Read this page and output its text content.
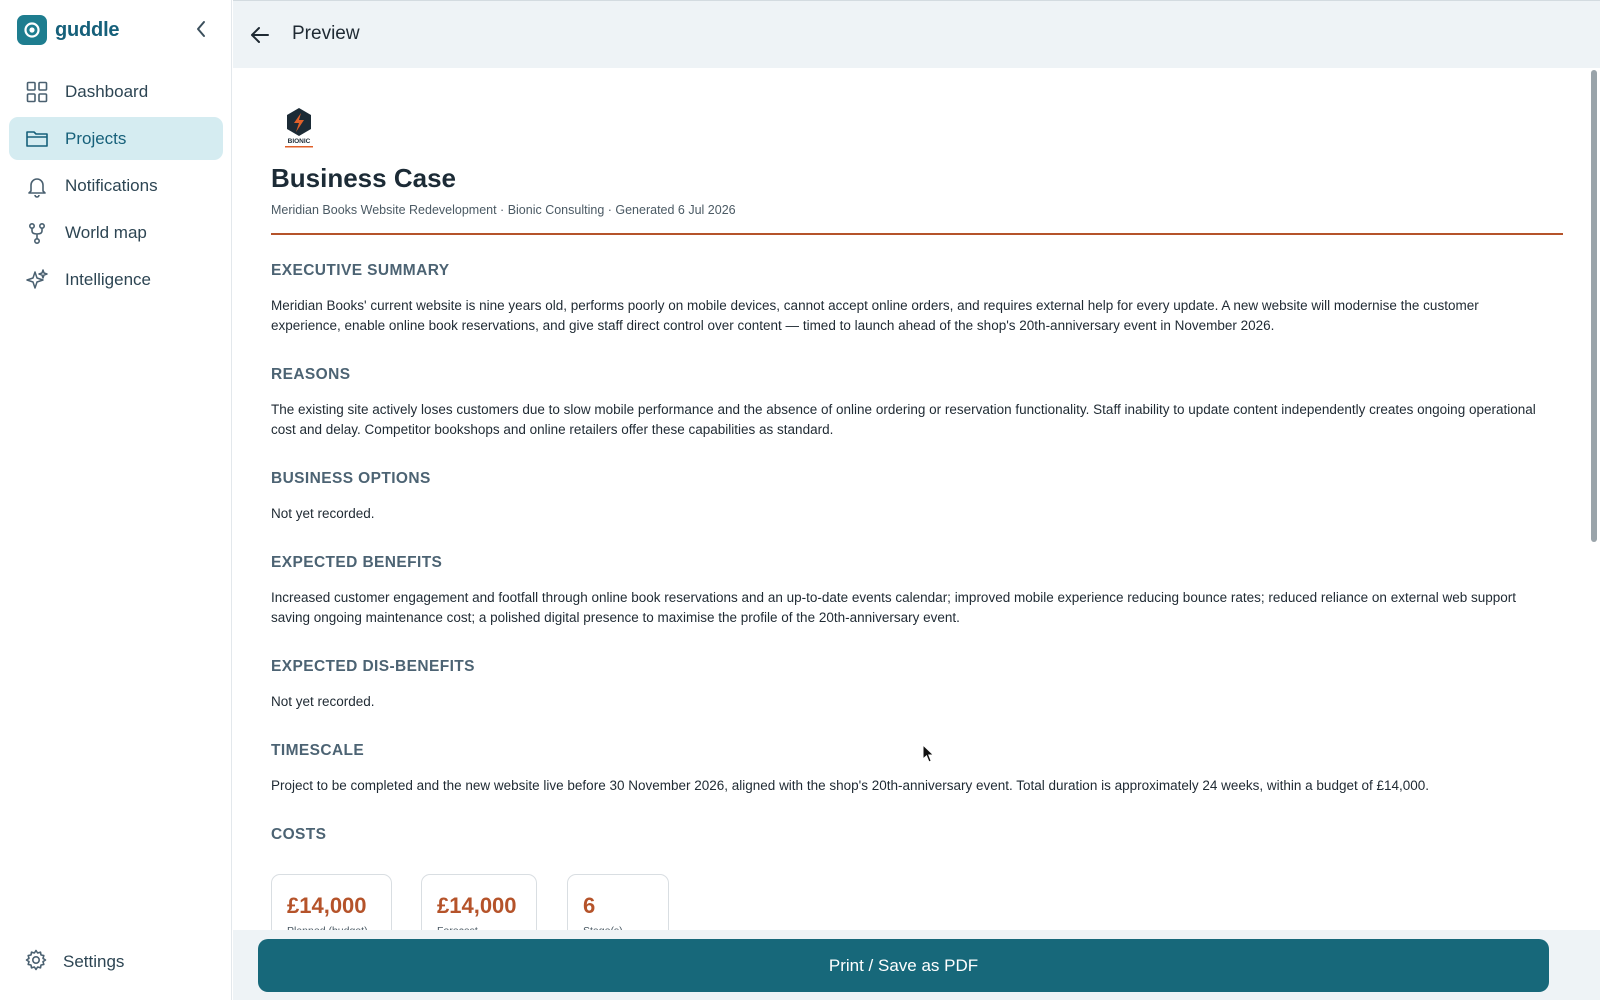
guddle
Dashboard
Projects
Notifications
World map
Intelligence
Settings
Preview
BIONIC
Business Case
Meridian Books Website Redevelopment · Bionic Consulting · Generated 6 Jul 2026
EXECUTIVE SUMMARY

Meridian Books' current website is nine years old, performs poorly on mobile devices, cannot accept online orders, and requires external help for every update. A new website will modernise the customer experience, enable online book reservations, and give staff direct control over content — timed to launch ahead of the shop's 20th-anniversary event in November 2026.

REASONS

The existing site actively loses customers due to slow mobile performance and the absence of online ordering or reservation functionality. Staff inability to update content independently creates ongoing operational cost and delay. Competitor bookshops and online retailers offer these capabilities as standard.

BUSINESS OPTIONS

Not yet recorded.

EXPECTED BENEFITS

Increased customer engagement and footfall through online book reservations and an up-to-date events calendar; improved mobile experience reducing bounce rates; reduced reliance on external web support saving ongoing maintenance cost; a polished digital presence to maximise the profile of the 20th-anniversary event.

EXPECTED DIS-BENEFITS

Not yet recorded.

TIMESCALE

Project to be completed and the new website live before 30 November 2026, aligned with the shop's 20th-anniversary event. Total duration is approximately 24 weeks, within a budget of £14,000.

COSTS
£14,000	£14,000	6
Print / Save as PDF
